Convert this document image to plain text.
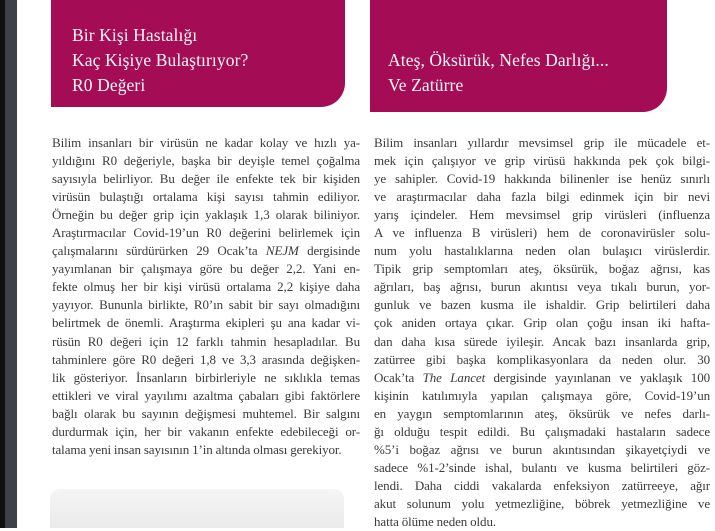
Bir Kişi Hastalığı
Kaç Kişiye Bulaştırıyor?
R0 Değeri
Ateş, Öksürük, Nefes Darlığı...
Ve Zatürre
Bilim insanları bir virüsün ne kadar kolay ve hızlı ya-
yıldığını R0 değeriyle, başka bir deyişle temel çoğalma
sayısıyla belirliyor. Bu değer ile enfekte tek bir kişiden
virüsün bulaştığı ortalama kişi sayısı tahmin ediliyor.
Örneğin bu değer grip için yaklaşık 1,3 olarak biliniyor.
Araştırmacılar Covid-19’un R0 değerini belirlemek için
çalışmalarını sürdürürken 29 Ocak’ta NEJM dergisinde
yayımlanan bir çalışmaya göre bu değer 2,2. Yani en-
fekte olmuş her bir kişi virüsü ortalama 2,2 kişiye daha
yayıyor. Bununla birlikte, R0’ın sabit bir sayı olmadığını
belirtmek de önemli. Araştırma ekipleri şu ana kadar vi-
rüsün R0 değeri için 12 farklı tahmin hesapladılar. Bu
tahminlere göre R0 değeri 1,8 ve 3,3 arasında değişken-
lik gösteriyor. İnsanların birbirleriyle ne sıklıkla temas
ettikleri ve viral yayılımı azaltma çabaları gibi faktörlere
bağlı olarak bu sayının değişmesi muhtemel. Bir salgını
durdurmak için, her bir vakanın enfekte edebileceği or-
talama yeni insan sayısının 1’in altında olması gerekiyor.
Bilim insanları yıllardır mevsimsel grip ile mücadele et-
mek için çalışıyor ve grip virüsü hakkında pek çok bilgi-
ye sahipler. Covid-19 hakkında bilinenler ise henüz sınırlı
ve araştırmacılar daha fazla bilgi edinmek için bir nevi
yarış içindeler. Hem mevsimsel grip virüsleri (influenza
A ve influenza B virüsleri) hem de coronavirüsler solu-
num yolu hastalıklarına neden olan bulaşıcı virüslerdir.
Tipik grip semptomları ateş, öksürük, boğaz ağrısı, kas
ağrıları, baş ağrısı, burun akıntısı veya tıkalı burun, yor-
gunluk ve bazen kusma ile ishaldir. Grip belirtileri daha
çok aniden ortaya çıkar. Grip olan çoğu insan iki hafta-
dan daha kısa sürede iyileşir. Ancak bazı insanlarda grip,
zatürree gibi başka komplikasyonlara da neden olur. 30
Ocak’ta The Lancet dergisinde yayınlanan ve yaklaşık 100
kişinin katılımıyla yapılan çalışmaya göre, Covid-19’un
en yaygın semptomlarının ateş, öksürük ve nefes darlı-
ğı olduğu tespit edildi. Bu çalışmadaki hastaların sadece
%5’i boğaz ağrısı ve burun akıntısından şikayetçiydi ve
sadece %1-2’sinde ishal, bulantı ve kusma belirtileri göz-
lendi. Daha ciddi vakalarda enfeksiyon zatürreeye, ağır
akut solunum yolu yetmezliğine, böbrek yetmezliğine ve
hatta ölüme neden oldu.
